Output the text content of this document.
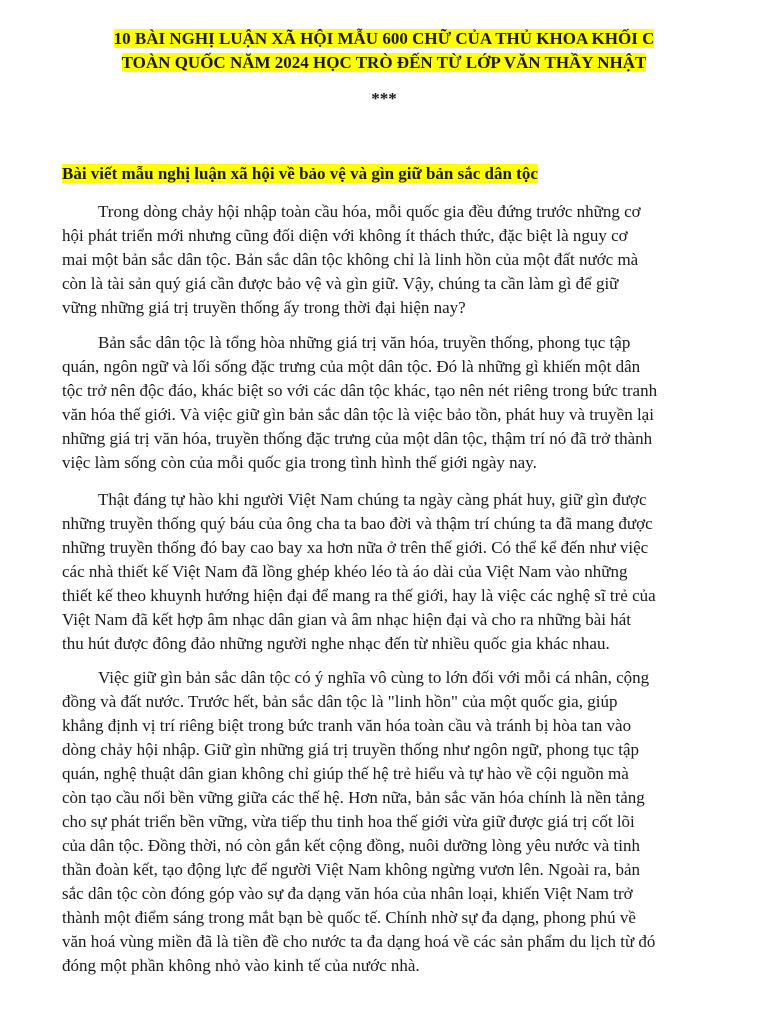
10 BÀI NGHỊ LUẬN XÃ HỘI MẪU 600 CHỮ CỦA THỦ KHOA KHỐI C
TOÀN QUỐC NĂM 2024 HỌC TRÒ ĐẾN TỪ LỚP VĂN THẦY NHẬT
***
Bài viết mẫu nghị luận xã hội về bảo vệ và gìn giữ bản sắc dân tộc

Trong dòng chảy hội nhập toàn cầu hóa, mỗi quốc gia đều đứng trước những cơ
hội phát triển mới nhưng cũng đối diện với không ít thách thức, đặc biệt là nguy cơ
mai một bản sắc dân tộc. Bản sắc dân tộc không chỉ là linh hồn của một đất nước mà
còn là tài sản quý giá cần được bảo vệ và gìn giữ. Vậy, chúng ta cần làm gì để giữ
vững những giá trị truyền thống ấy trong thời đại hiện nay?

Bản sắc dân tộc là tổng hòa những giá trị văn hóa, truyền thống, phong tục tập
quán, ngôn ngữ và lối sống đặc trưng của một dân tộc. Đó là những gì khiến một dân
tộc trở nên độc đáo, khác biệt so với các dân tộc khác, tạo nên nét riêng trong bức tranh
văn hóa thế giới. Và việc giữ gìn bản sắc dân tộc là việc bảo tồn, phát huy và truyền lại
những giá trị văn hóa, truyền thống đặc trưng của một dân tộc, thậm trí nó đã trở thành
việc làm sống còn của mỗi quốc gia trong tình hình thế giới ngày nay.

Thật đáng tự hào khi người Việt Nam chúng ta ngày càng phát huy, giữ gìn được
những truyền thống quý báu của ông cha ta bao đời và thậm trí chúng ta đã mang được
những truyền thống đó bay cao bay xa hơn nữa ở trên thế giới. Có thể kể đến như việc
các nhà thiết kế Việt Nam đã lồng ghép khéo léo tà áo dài của Việt Nam vào những
thiết kế theo khuynh hướng hiện đại để mang ra thế giới, hay là việc các nghệ sĩ trẻ của
Việt Nam đã kết hợp âm nhạc dân gian và âm nhạc hiện đại và cho ra những bài hát
thu hút được đông đảo những người nghe nhạc đến từ nhiều quốc gia khác nhau.

Việc giữ gìn bản sắc dân tộc có ý nghĩa vô cùng to lớn đối với mỗi cá nhân, cộng
đồng và đất nước. Trước hết, bản sắc dân tộc là "linh hồn" của một quốc gia, giúp
khẳng định vị trí riêng biệt trong bức tranh văn hóa toàn cầu và tránh bị hòa tan vào
dòng chảy hội nhập. Giữ gìn những giá trị truyền thống như ngôn ngữ, phong tục tập
quán, nghệ thuật dân gian không chỉ giúp thế hệ trẻ hiểu và tự hào về cội nguồn mà
còn tạo cầu nối bền vững giữa các thế hệ. Hơn nữa, bản sắc văn hóa chính là nền tảng
cho sự phát triển bền vững, vừa tiếp thu tinh hoa thế giới vừa giữ được giá trị cốt lõi
của dân tộc. Đồng thời, nó còn gắn kết cộng đồng, nuôi dưỡng lòng yêu nước và tinh
thần đoàn kết, tạo động lực để người Việt Nam không ngừng vươn lên. Ngoài ra, bản
sắc dân tộc còn đóng góp vào sự đa dạng văn hóa của nhân loại, khiến Việt Nam trở
thành một điểm sáng trong mắt bạn bè quốc tế. Chính nhờ sự đa dạng, phong phú về
văn hoá vùng miền đã là tiền đề cho nước ta đa dạng hoá về các sản phẩm du lịch từ đó
đóng một phần không nhỏ vào kinh tế của nước nhà.
